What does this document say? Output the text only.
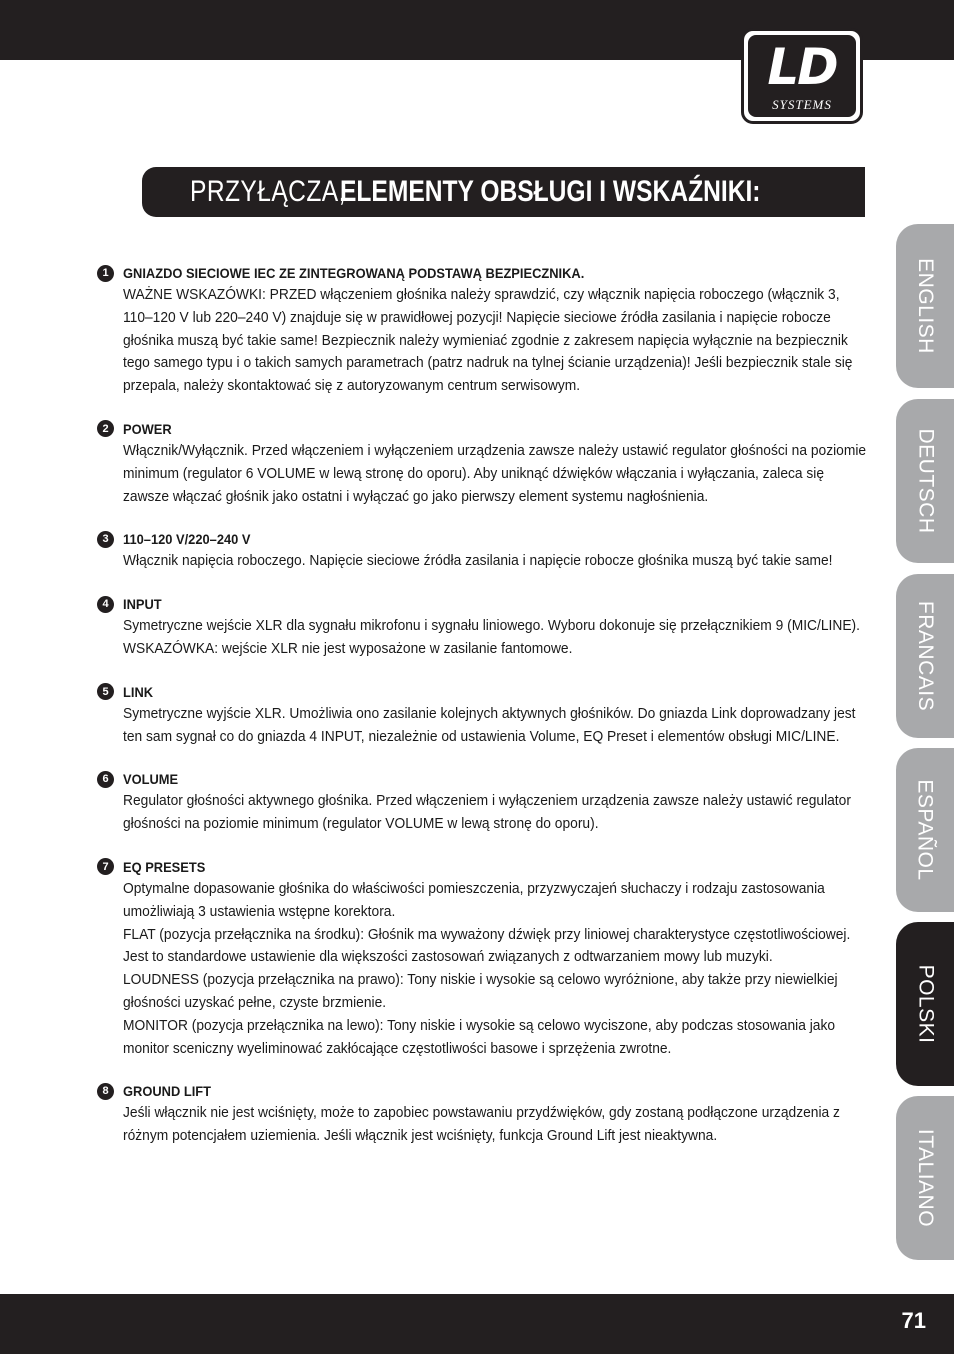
LD
SYSTEMS
PRZYŁĄCZA,
ELEMENTY OBSŁUGI I WSKAŹNIKI:
1	GNIAZDO SIECIOWE IEC ZE ZINTEGROWANĄ PODSTAWĄ BEZPIECZNIKA.

WAŻNE WSKAZÓWKI: PRZED włączeniem głośnika należy sprawdzić, czy włącznik napięcia roboczego (włącznik 3, 110–120 V lub 220–240 V) znajduje się w prawidłowej pozycji! Napięcie sieciowe źródła zasilania i napięcie robocze głośnika muszą być takie same! Bezpiecznik należy wymieniać zgodnie z zakresem napięcia wyłącznie na bezpiecznik tego samego typu i o takich samych parametrach (patrz nadruk na tylnej ścianie urządzenia)! Jeśli bezpiecznik stale się przepala, należy skontaktować się z autoryzowanym centrum serwisowym.

2	POWER

Włącznik/Wyłącznik. Przed włączeniem i wyłączeniem urządzenia zawsze należy ustawić regulator głośności na poziomie minimum (regulator 6 VOLUME w lewą stronę do oporu). Aby uniknąć dźwięków włączania i wyłączania, zaleca się zawsze włączać głośnik jako ostatni i wyłączać go jako pierwszy element systemu nagłośnienia.

3	110–120 V/220–240 V

Włącznik napięcia roboczego. Napięcie sieciowe źródła zasilania i napięcie robocze głośnika muszą być takie same!

4	INPUT

Symetryczne wejście XLR dla sygnału mikrofonu i sygnału liniowego. Wyboru dokonuje się przełącznikiem 9 (MIC/LINE).

WSKAZÓWKA: wejście XLR nie jest wyposażone w zasilanie fantomowe.

5	LINK

Symetryczne wyjście XLR. Umożliwia ono zasilanie kolejnych aktywnych głośników. Do gniazda Link doprowadzany jest ten sam sygnał co do gniazda 4 INPUT, niezależnie od ustawienia Volume, EQ Preset i elementów obsługi MIC/LINE.

6	VOLUME

Regulator głośności aktywnego głośnika. Przed włączeniem i wyłączeniem urządzenia zawsze należy ustawić regulator głośności na poziomie minimum (regulator VOLUME w lewą stronę do oporu).

7	EQ PRESETS

Optymalne dopasowanie głośnika do właściwości pomieszczenia, przyzwyczajeń słuchaczy i rodzaju zastosowania umożliwiają 3 ustawienia wstępne korektora.

FLAT (pozycja przełącznika na środku): Głośnik ma wyważony dźwięk przy liniowej charakterystyce częstotliwościowej. Jest to standardowe ustawienie dla większości zastosowań związanych z odtwarzaniem mowy lub muzyki.

LOUDNESS (pozycja przełącznika na prawo): Tony niskie i wysokie są celowo wyróżnione, aby także przy niewielkiej głośności uzyskać pełne, czyste brzmienie.

MONITOR (pozycja przełącznika na lewo): Tony niskie i wysokie są celowo wyciszone, aby podczas stosowania jako monitor sceniczny wyeliminować zakłócające częstotliwości basowe i sprzężenia zwrotne.

8	GROUND LIFT

Jeśli włącznik nie jest wciśnięty, może to zapobiec powstawaniu przydźwięków, gdy zostaną podłączone urządzenia z różnym potencjałem uziemienia. Jeśli włącznik jest wciśnięty, funkcja Ground Lift jest nieaktywna.

ENGLISH
DEUTSCH
FRANCAIS
ESPAÑOL
POLSKI
ITALIANO
71
